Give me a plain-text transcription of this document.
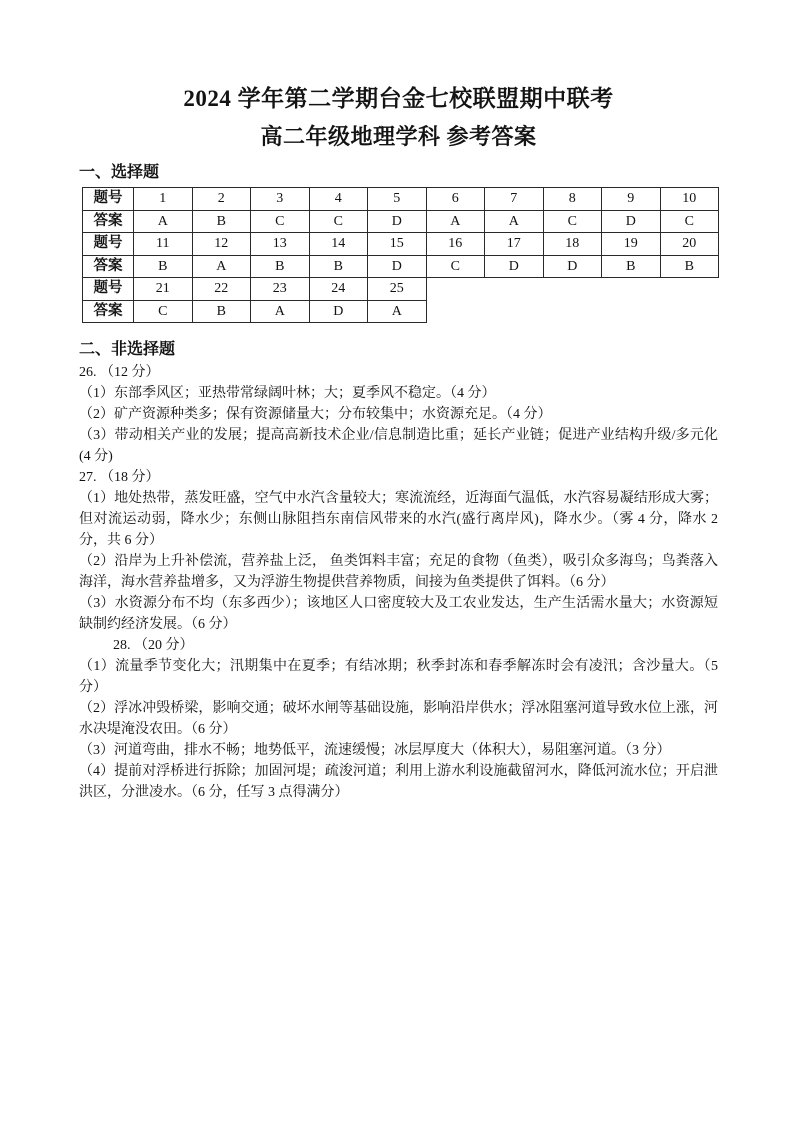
2024 学年第二学期台金七校联盟期中联考
高二年级地理学科 参考答案
一、选择题
题号	1	2	3	4	5	6	7	8	9	10
答案	A	B	C	C	D	A	A	C	D	C
题号	11	12	13	14	15	16	17	18	19	20
答案	B	A	B	B	D	C	D	D	B	B
题号	21	22	23	24	25					
答案	C	B	A	D	A					
二、非选择题

26. （12 分）

（1）东部季风区；亚热带常绿阔叶林；大；夏季风不稳定。（4 分）

（2）矿产资源种类多；保有资源储量大；分布较集中；水资源充足。（4 分）

（3）带动相关产业的发展；提高高新技术企业/信息制造比重；延长产业链；促进产业结构升级/多元化(4 分)

27. （18 分）

（1）地处热带，蒸发旺盛，空气中水汽含量较大；寒流流经，近海面气温低，水汽容易凝结形成大雾；但对流运动弱，降水少；东侧山脉阻挡东南信风带来的水汽(盛行离岸风)，降水少。（雾 4 分，降水 2 分，共 6 分）

（2）沿岸为上升补偿流，营养盐上泛， 鱼类饵料丰富；充足的食物（鱼类），吸引众多海鸟；鸟粪落入海洋，海水营养盐增多，又为浮游生物提供营养物质，间接为鱼类提供了饵料。（6 分）

（3）水资源分布不均（东多西少）；该地区人口密度较大及工农业发达，生产生活需水量大；水资源短缺制约经济发展。（6 分）

28. （20 分）

（1）流量季节变化大；汛期集中在夏季；有结冰期；秋季封冻和春季解冻时会有凌汛；含沙量大。（5 分）

（2）浮冰冲毁桥梁，影响交通；破坏水闸等基础设施，影响沿岸供水；浮冰阻塞河道导致水位上涨，河水决堤淹没农田。（6 分）

（3）河道弯曲，排水不畅；地势低平，流速缓慢；冰层厚度大（体积大），易阻塞河道。（3 分）

（4）提前对浮桥进行拆除；加固河堤；疏浚河道；利用上游水利设施截留河水，降低河流水位；开启泄洪区，分泄凌水。（6 分，任写 3 点得满分）
